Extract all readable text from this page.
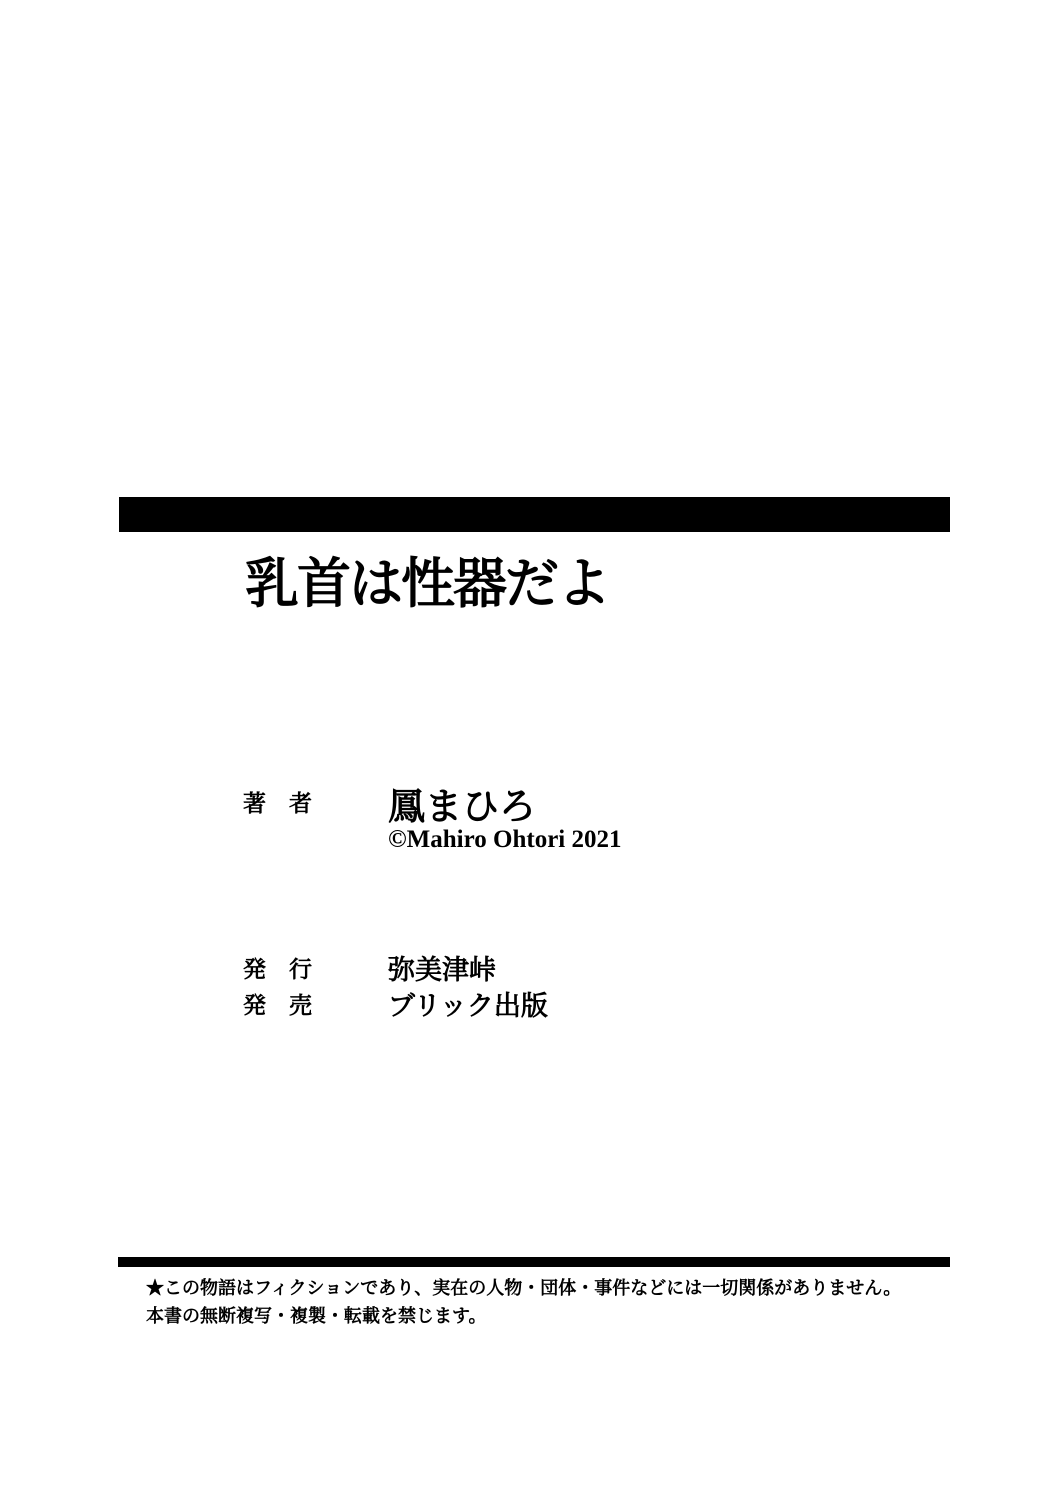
乳首は性器だよ
著　者 鳳まひろ
©Mahiro Ohtori 2021
発　行	弥美津峠
発　売	ブリック出版
★この物語はフィクションであり、実在の人物・団体・事件などには一切関係がありません。
本書の無断複写・複製・転載を禁じます。
